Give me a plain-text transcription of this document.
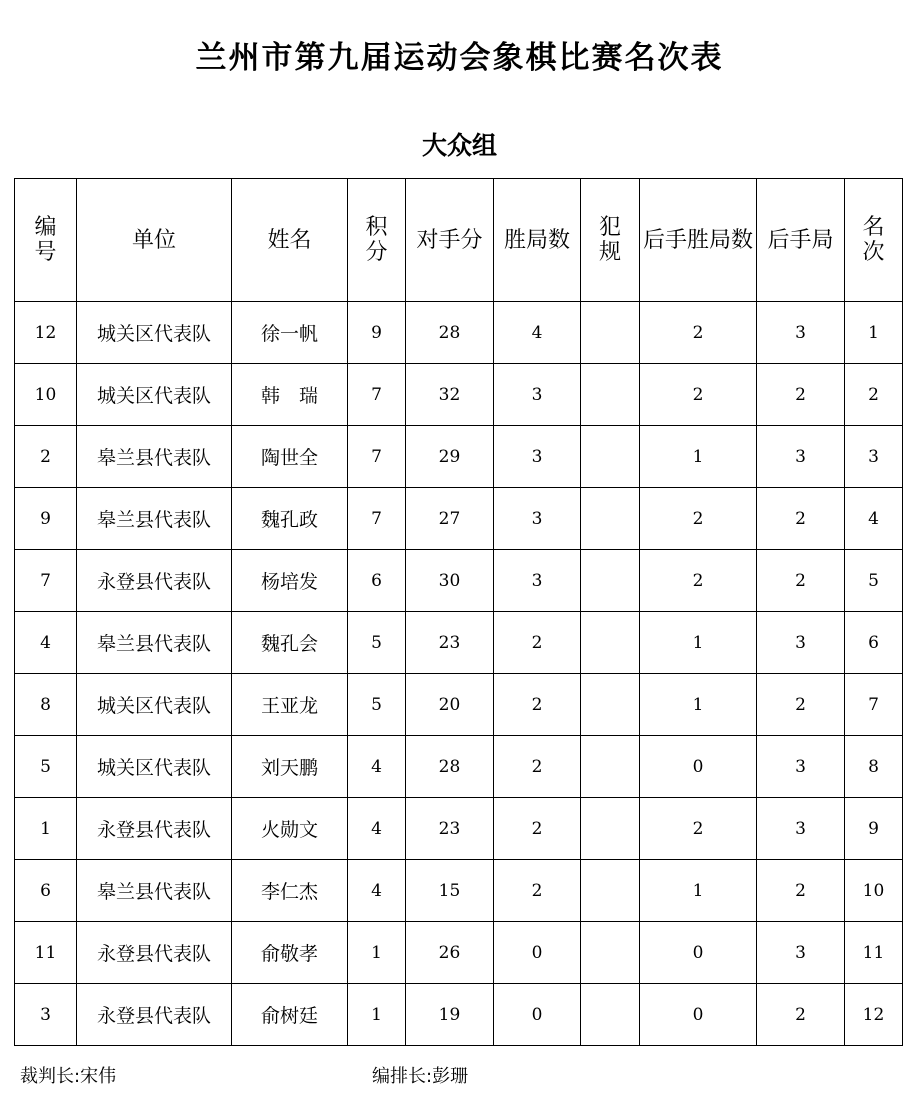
兰州市第九届运动会象棋比赛名次表
大众组
编号	单位	姓名	积分	对手分	胜局数	犯规	后手胜局数	后手局	名次
12	城关区代表队	徐一帆	9	28	4		2	3	1
10	城关区代表队	韩　瑞	7	32	3		2	2	2
2	皋兰县代表队	陶世全	7	29	3		1	3	3
9	皋兰县代表队	魏孔政	7	27	3		2	2	4
7	永登县代表队	杨培发	6	30	3		2	2	5
4	皋兰县代表队	魏孔会	5	23	2		1	3	6
8	城关区代表队	王亚龙	5	20	2		1	2	7
5	城关区代表队	刘天鹏	4	28	2		0	3	8
1	永登县代表队	火勋文	4	23	2		2	3	9
6	皋兰县代表队	李仁杰	4	15	2		1	2	10
11	永登县代表队	俞敬孝	1	26	0		0	3	11
3	永登县代表队	俞树廷	1	19	0		0	2	12
裁判长:宋伟	编排长:彭珊
